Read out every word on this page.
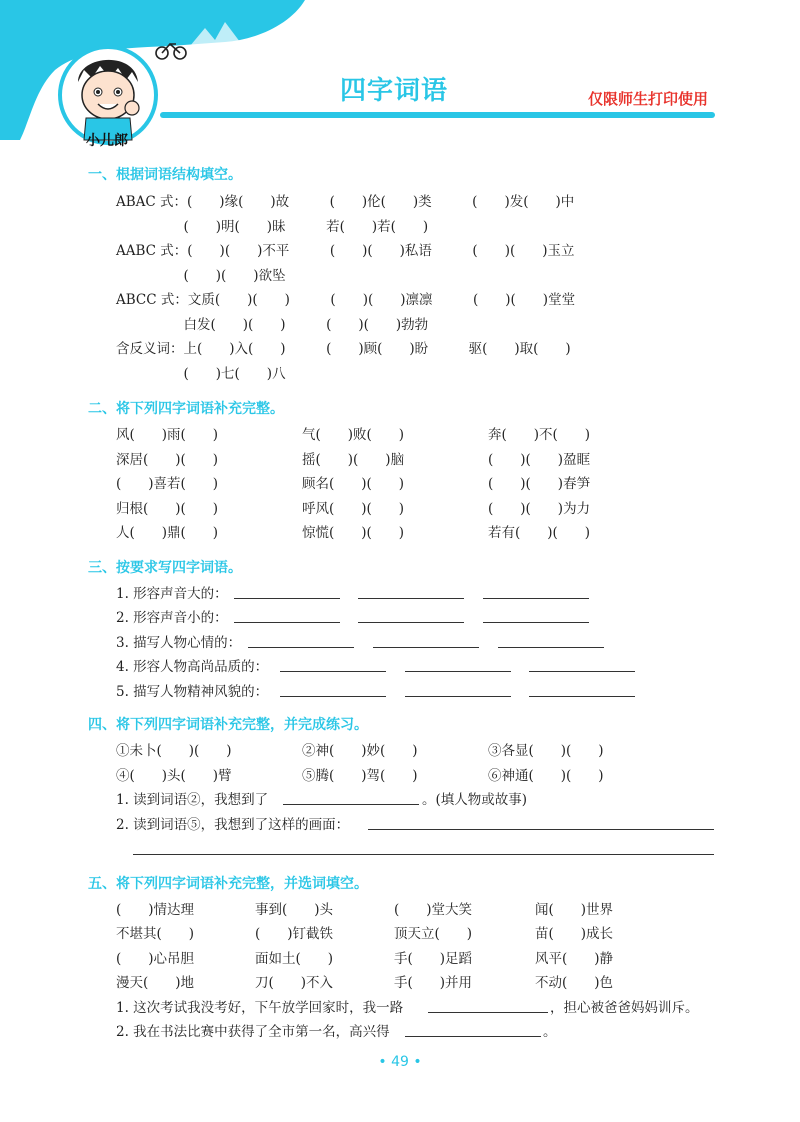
四字词语	仅限师生打印使用
小儿郎
一、根据词语结构填空。
ABAC 式：(　　)缘(　　)故　　　(　　)伦(　　)类　　　(　　)发(　　)中
　　　　　(　　)明(　　)昧　　　若(　　)若(　　)
AABC 式：(　　)(　　)不平　　　(　　)(　　)私语　　　(　　)(　　)玉立
　　　　　(　　)(　　)欲坠
ABCC 式：文质(　　)(　　)　　　(　　)(　　)凛凛　　　(　　)(　　)堂堂
　　　　　白发(　　)(　　)　　　(　　)(　　)勃勃
含反义词：上(　　)入(　　)　　　(　　)顾(　　)盼　　　驱(　　)取(　　)
　　　　　(　　)七(　　)八
二、将下列四字词语补充完整。
风(　　)雨(　　)	气(　　)败(　　)	奔(　　)不(　　)
深居(　　)(　　)	摇(　　)(　　)脑	(　　)(　　)盈眶
(　　)喜若(　　)	顾名(　　)(　　)	(　　)(　　)春笋
归根(　　)(　　)	呼风(　　)(　　)	(　　)(　　)为力
人(　　)鼎(　　)	惊慌(　　)(　　)	若有(　　)(　　)
三、按要求写四字词语。
1. 形容声音大的：
2. 形容声音小的：
3. 描写人物心情的：
4. 形容人物高尚品质的：
5. 描写人物精神风貌的：
四、将下列四字词语补充完整，并完成练习。
①未卜(　　)(　　)	②神(　　)妙(　　)	③各显(　　)(　　)
④(　　)头(　　)臂	⑤腾(　　)驾(　　)	⑥神通(　　)(　　)
1. 读到词语②，我想到了	。(填人物或故事)
2. 读到词语⑤，我想到了这样的画面：
五、将下列四字词语补充完整，并选词填空。
(　　)情达理	事到(　　)头	(　　)堂大笑	闻(　　)世界
不堪其(　　)	(　　)钉截铁	顶天立(　　)	苗(　　)成长
(　　)心吊胆	面如土(　　)	手(　　)足蹈	风平(　　)静
漫天(　　)地	刀(　　)不入	手(　　)并用	不动(　　)色
1. 这次考试我没考好，下午放学回家时，我一路	，担心被爸爸妈妈训斥。
2. 我在书法比赛中获得了全市第一名，高兴得	。
• 49 •
